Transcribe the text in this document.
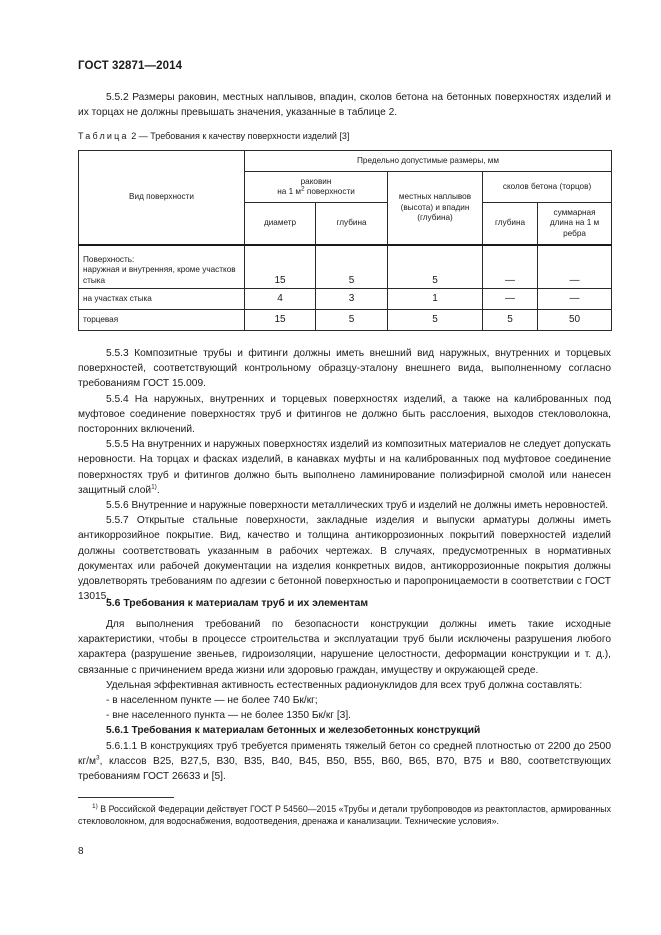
ГОСТ 32871—2014
5.5.2 Размеры раковин, местных наплывов, впадин, сколов бетона на бетонных поверхностях изделий и их торцах не должны превышать значения, указанные в таблице 2.
Таблица 2 — Требования к качеству поверхности изделий [3]
Вид поверхности	Предельно допустимые размеры, мм				
	раковин
на 1 $м^2$ поверхности		местных наплывов (высота) и впадин (глубина)	сколов бетона (торцов)	
	диаметр	глубина		глубина	суммарная длина на 1 м ребра
Поверхность:
наружная и внутренняя, кроме участков стыка	15	5	5	—	—
на участках стыка	4	3	1	—	—
торцевая	15	5	5	5	50

5.5.3 Композитные трубы и фитинги должны иметь внешний вид наружных, внутренних и торцевых поверхностей, соответствующий контрольному образцу-эталону внешнего вида, выполненному согласно требованиям ГОСТ 15.009.

5.5.4 На наружных, внутренних и торцевых поверхностях изделий, а также на калиброванных под муфтовое соединение поверхностях труб и фитингов не должно быть расслоения, выходов стекловолокна, посторонних включений.

5.5.5 На внутренних и наружных поверхностях изделий из композитных материалов не следует допускать неровности. На торцах и фасках изделий, в канавках муфты и на калиброванных под муфтовое соединение поверхностях труб и фитингов должно быть выполнено ламинирование полиэфирной смолой или нанесен защитный слой$^{1)}$.

5.5.6 Внутренние и наружные поверхности металлических труб и изделий не должны иметь неровностей.

5.5.7 Открытые стальные поверхности, закладные изделия и выпуски арматуры должны иметь антикоррозийное покрытие. Вид, качество и толщина антикоррозионных покрытий поверхностей изделий должны соответствовать указанным в рабочих чертежах. В случаях, предусмотренных в нормативных документах или рабочей документации на изделия конкретных видов, антикоррозионные покрытия должны удовлетворять требованиям по адгезии с бетонной поверхностью и паропроницаемости в соответствии с ГОСТ 13015.

5.6 Требования к материалам труб и их элементам

Для выполнения требований по безопасности конструкции должны иметь такие исходные характеристики, чтобы в процессе строительства и эксплуатации труб были исключены разрушения любого характера (разрушение звеньев, гидроизоляции, нарушение целостности, деформации конструкции и т. д.), связанные с причинением вреда жизни или здоровью граждан, имуществу и окружающей среде.

Удельная эффективная активность естественных радионуклидов для всех труб должна составлять:

- в населенном пункте — не более 740 Бк/кг;

- вне населенного пункта — не более 1350 Бк/кг [3].

5.6.1 Требования к материалам бетонных и железобетонных конструкций

5.6.1.1 В конструкциях труб требуется применять тяжелый бетон со средней плотностью от 2200 до 2500 $кг/м^3$, классов B25, B27,5, B30, B35, B40, B45, B50, B55, B60, B65, B70, B75 и B80, соответствующих требованиям ГОСТ 26633 и [5].

$^{1)}$ В Российской Федерации действует ГОСТ Р 54560—2015 «Трубы и детали трубопроводов из реактопластов, армированных стекловолокном, для водоснабжения, водоотведения, дренажа и канализации. Технические условия».

8
